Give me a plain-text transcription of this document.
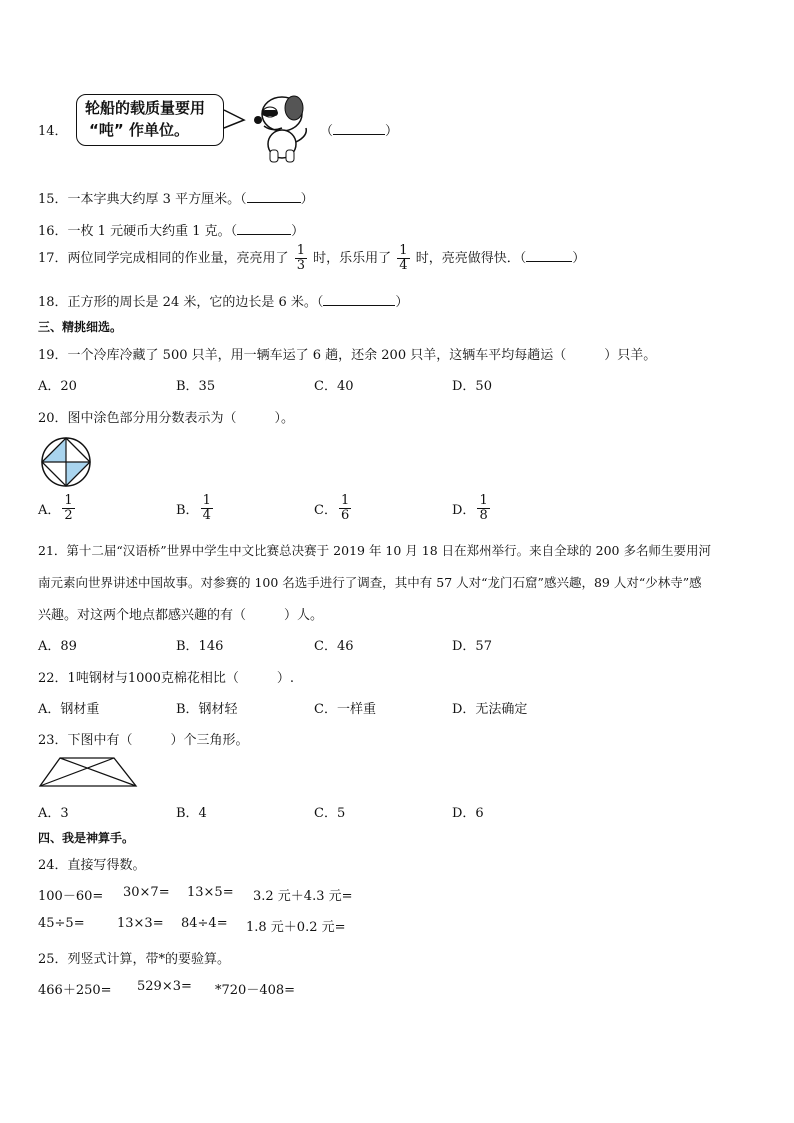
14．
轮船的载质量要用
“吨” 作单位。	（	）
15．一本字典大约厚 3 平方厘米。（	）
16．一枚 1 元硬币大约重 1 克。（	）
17．两位同学完成相同的作业量，亮亮用了 $\frac{1}{3}$ 时，乐乐用了 $\frac{1}{4}$ 时，亮亮做得快．（	）
18．正方形的周长是 24 米，它的边长是 6 米。（	）
三、精挑细选。
19．一个冷库冷藏了 500 只羊，用一辆车运了 6 趟，还余 200 只羊，这辆车平均每趟运（	）只羊。
A．20	B．35	C．40	D．50
20．图中涂色部分用分数表示为（	）。
A． $\frac{1}{2}$	B． $\frac{1}{4}$	C． $\frac{1}{6}$	D． $\frac{1}{8}$
21．第十二届“汉语桥”世界中学生中文比赛总决赛于 2019 年 10 月 18 日在郑州举行。来自全球的 200 多名师生要用河
南元素向世界讲述中国故事。对参赛的 100 名选手进行了调查，其中有 57 人对“龙门石窟”感兴趣，89 人对“少林寺”感
兴趣。对这两个地点都感兴趣的有（	）人。
A．89	B．146	C．46	D．57
22．1吨钢材与1000克棉花相比（	）.
A．钢材重	B．钢材轻	C．一样重	D．无法确定
23．下图中有（	）个三角形。
A．3	B．4	C．5	D．6
四、我是神算手。
24．直接写得数。
100－60= 30×7= 13×5= 3.2 元＋4.3 元=
45÷5= 13×3= 84÷4= 1.8 元＋0.2 元=
25．列竖式计算，带*的要验算。
466＋250= 529×3= *720－408=
